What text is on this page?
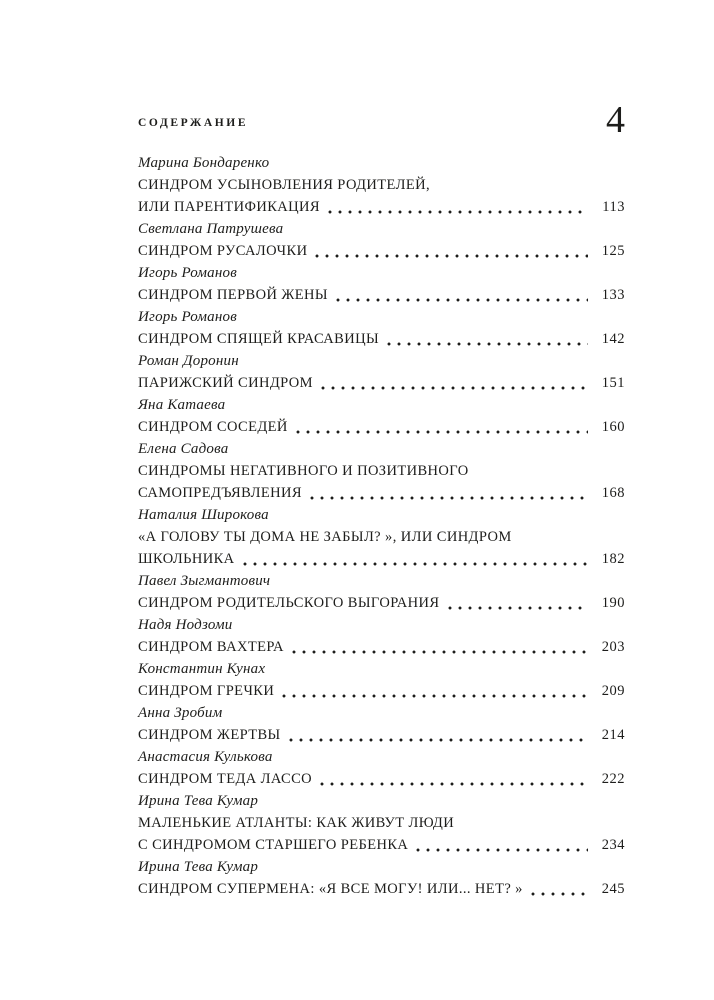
СОДЕРЖАНИЕ	4
Марина Бондаренко
СИНДРОМ УСЫНОВЛЕНИЯ РОДИТЕЛЕЙ,
ИЛИ ПАРЕНТИФИКАЦИЯ	113
Светлана Патрушева
СИНДРОМ РУСАЛОЧКИ	125
Игорь Романов
СИНДРОМ ПЕРВОЙ ЖЕНЫ	133
Игорь Романов
СИНДРОМ СПЯЩЕЙ КРАСАВИЦЫ	142
Роман Доронин
ПАРИЖСКИЙ СИНДРОМ	151
Яна Катаева
СИНДРОМ СОСЕДЕЙ	160
Елена Садова
СИНДРОМЫ НЕГАТИВНОГО И ПОЗИТИВНОГО
САМОПРЕДЪЯВЛЕНИЯ	168
Наталия Широкова
«А ГОЛОВУ ТЫ ДОМА НЕ ЗАБЫЛ? », ИЛИ СИНДРОМ
ШКОЛЬНИКА	182
Павел Зыгмантович
СИНДРОМ РОДИТЕЛЬСКОГО ВЫГОРАНИЯ	190
Надя Нодзоми
СИНДРОМ ВАХТЕРА	203
Константин Кунах
СИНДРОМ ГРЕЧКИ	209
Анна Зробим
СИНДРОМ ЖЕРТВЫ	214
Анастасия Кулькова
СИНДРОМ ТЕДА ЛАССО	222
Ирина Тева Кумар
МАЛЕНЬКИЕ АТЛАНТЫ: КАК ЖИВУТ ЛЮДИ
С СИНДРОМОМ СТАРШЕГО РЕБЕНКА	234
Ирина Тева Кумар
СИНДРОМ СУПЕРМЕНА: «Я ВСЕ МОГУ! ИЛИ... НЕТ? »	245
